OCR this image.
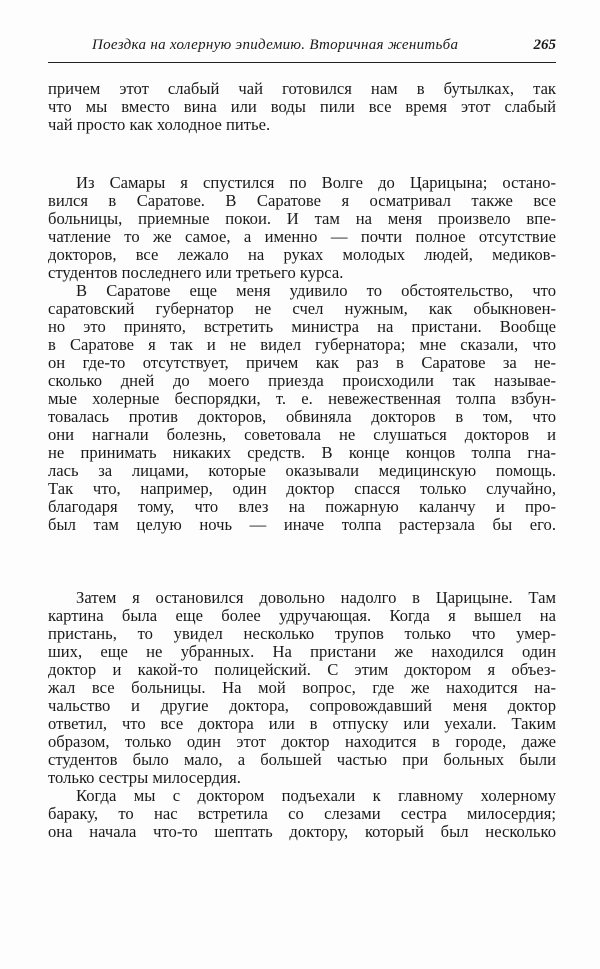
Поездка на холерную эпидемию. Вторичная женитьба	265
причем этот слабый чай готовился нам в бутылках, так
что мы вместо вина или воды пили все время этот слабый
чай просто как холодное питье.
Из Самары я спустился по Волге до Царицына; остано-
вился в Саратове. В Саратове я осматривал также все
больницы, приемные покои. И там на меня произвело впе-
чатление то же самое, а именно — почти полное отсутствие
докторов, все лежало на руках молодых людей, медиков-
студентов последнего или третьего курса.
В Саратове еще меня удивило то обстоятельство, что
саратовский губернатор не счел нужным, как обыкновен-
но это принято, встретить министра на пристани. Вообще
в Саратове я так и не видел губернатора; мне сказали, что
он где-то отсутствует, причем как раз в Саратове за не-
сколько дней до моего приезда происходили так называе-
мые холерные беспорядки, т. е. невежественная толпа взбун-
товалась против докторов, обвиняла докторов в том, что
они нагнали болезнь, советовала не слушаться докторов и
не принимать никаких средств. В конце концов толпа гна-
лась за лицами, которые оказывали медицинскую помощь.
Так что, например, один доктор спасся только случайно,
благодаря тому, что влез на пожарную каланчу и про-
был там целую ночь — иначе толпа растерзала бы его.
Затем я остановился довольно надолго в Царицыне. Там
картина была еще более удручающая. Когда я вышел на
пристань, то увидел несколько трупов только что умер-
ших, еще не убранных. На пристани же находился один
доктор и какой-то полицейский. С этим доктором я объез-
жал все больницы. На мой вопрос, где же находится на-
чальство и другие доктора, сопровождавший меня доктор
ответил, что все доктора или в отпуску или уехали. Таким
образом, только один этот доктор находится в городе, даже
студентов было мало, а большей частью при больных были
только сестры милосердия.
Когда мы с доктором подъехали к главному холерному
бараку, то нас встретила со слезами сестра милосердия;
она начала что-то шептать доктору, который был несколько
